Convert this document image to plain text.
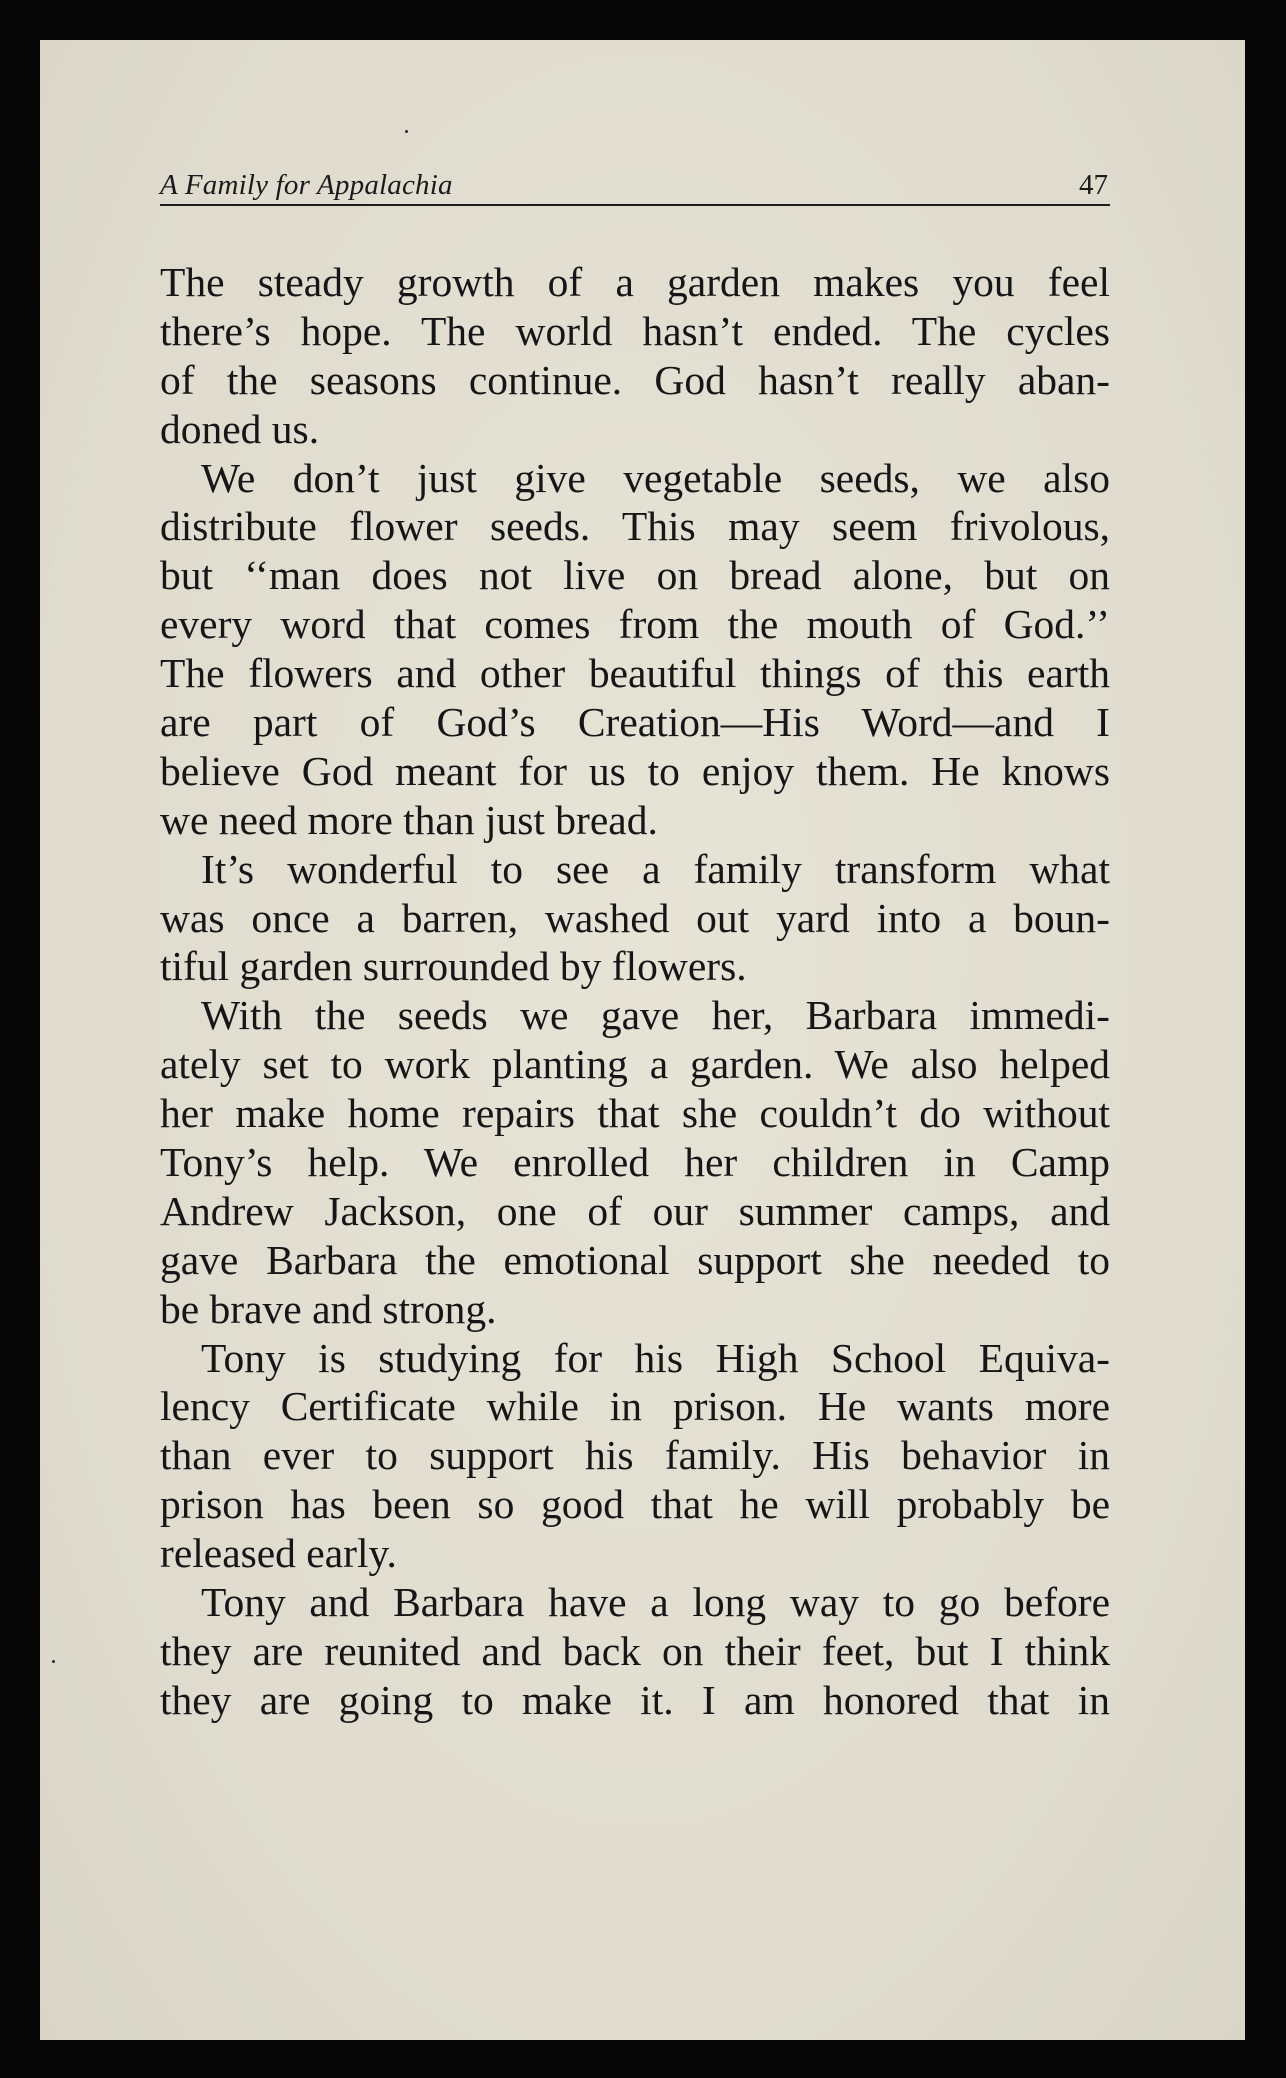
A Family for Appalachia	47
The steady growth of a garden makes you feel
there’s hope. The world hasn’t ended. The cycles
of the seasons continue. God hasn’t really aban-
doned us.
We don’t just give vegetable seeds, we also
distribute flower seeds. This may seem frivolous,
but ‘‘man does not live on bread alone, but on
every word that comes from the mouth of God.’’
The flowers and other beautiful things of this earth
are part of God’s Creation—His Word—and I
believe God meant for us to enjoy them. He knows
we need more than just bread.
It’s wonderful to see a family transform what
was once a barren, washed out yard into a boun-
tiful garden surrounded by flowers.
With the seeds we gave her, Barbara immedi-
ately set to work planting a garden. We also helped
her make home repairs that she couldn’t do without
Tony’s help. We enrolled her children in Camp
Andrew Jackson, one of our summer camps, and
gave Barbara the emotional support she needed to
be brave and strong.
Tony is studying for his High School Equiva-
lency Certificate while in prison. He wants more
than ever to support his family. His behavior in
prison has been so good that he will probably be
released early.
Tony and Barbara have a long way to go before
they are reunited and back on their feet, but I think
they are going to make it. I am honored that in
